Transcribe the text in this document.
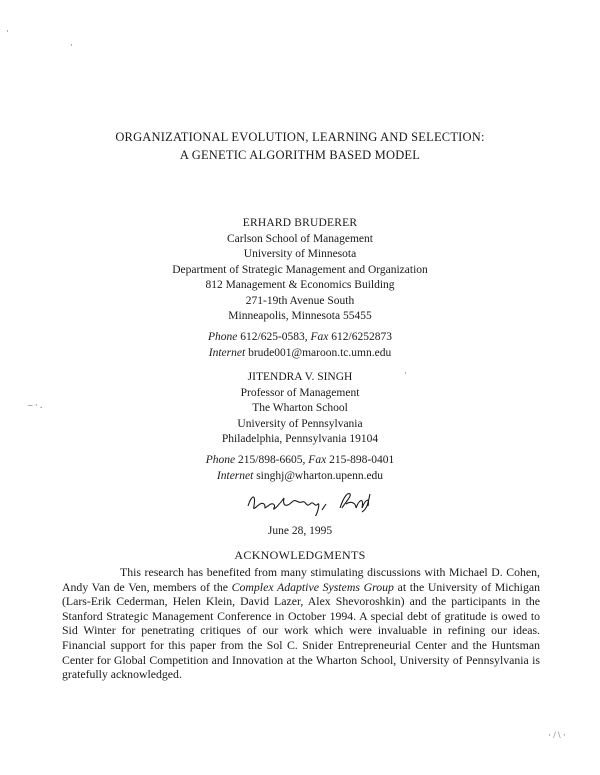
ORGANIZATIONAL EVOLUTION, LEARNING AND SELECTION:
A GENETIC ALGORITHM BASED MODEL
ERHARD BRUDERER
Carlson School of Management
University of Minnesota
Department of Strategic Management and Organization
812 Management & Economics Building
271-19th Avenue South
Minneapolis, Minnesota 55455
Phone 612/625-0583, Fax 612/6252873
Internet brude001@maroon.tc.umn.edu
JITENDRA V. SINGH
Professor of Management
The Wharton School
University of Pennsylvania
Philadelphia, Pennsylvania 19104
Phone 215/898-6605, Fax 215-898-0401
Internet singhj@wharton.upenn.edu
June 28, 1995
ACKNOWLEDGMENTS
This research has benefited from many stimulating discussions with Michael D. Cohen, Andy Van de Ven, members of the Complex Adaptive Systems Group at the University of Michigan (Lars-Erik Cederman, Helen Klein, David Lazer, Alex Shevoroshkin) and the participants in the Stanford Strategic Management Conference in October 1994. A special debt of gratitude is owed to Sid Winter for penetrating critiques of our work which were invaluable in refining our ideas. Financial support for this paper from the Sol C. Snider Entrepreneurial Center and the Huntsman Center for Global Competition and Innovation at the Wharton School, University of Pennsylvania is gratefully acknowledged.
·
·
– · .
· / \ ·
·
